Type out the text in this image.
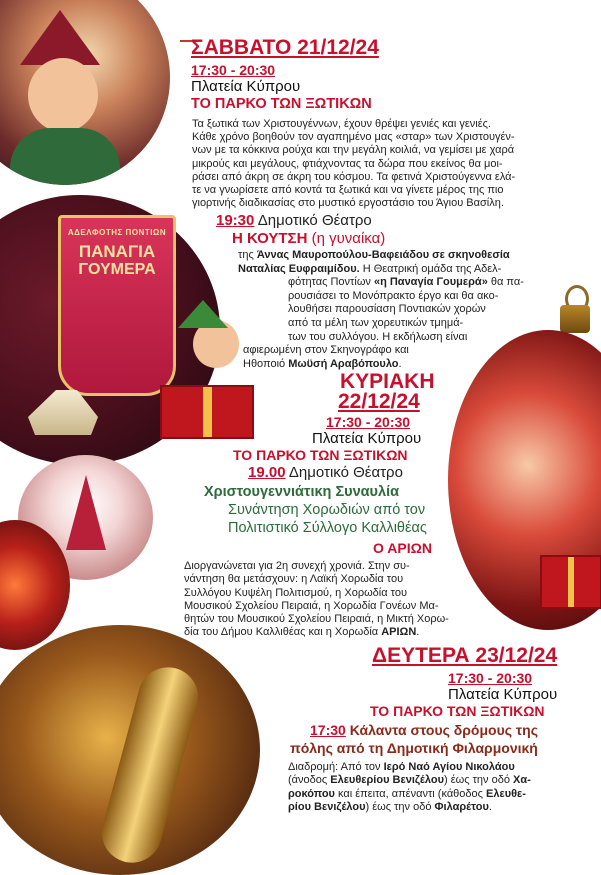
ΑΔΕΛΦΟΤΗΣ ΠΟΝΤΙΩΝ
ΠΑΝΑΓΙΑ
ΓΟΥΜΕΡΑ
ΣΑΒΒΑΤΟ 21/12/24
17:30 - 20:30
Πλατεία Κύπρου
ΤΟ ΠΑΡΚΟ ΤΩΝ ΞΩΤΙΚΩΝ
Τα ξωτικά των Χριστουγέννων, έχουν θρέψει γενιές και γενιές.
Κάθε χρόνο βοηθούν τον αγαπημένο μας «σταρ» των Χριστουγέν-
νων με τα κόκκινα ρούχα και την μεγάλη κοιλιά, να γεμίσει με χαρά
μικρούς και μεγάλους, φτιάχνοντας τα δώρα που εκείνος θα μοι-
ράσει από άκρη σε άκρη του κόσμου. Τα φετινά Χριστούγεννα ελά-
τε να γνωρίσετε από κοντά τα ξωτικά και να γίνετε μέρος της πιο
γιορτινής διαδικασίας στο μυστικό εργοστάσιο του Άγιου Βασίλη.
19:30 Δημοτικό Θέατρο
Η ΚΟΥΤΣΗ (η γυναίκα)
της Άννας Μαυροπούλου-Βαφειάδου σε σκηνοθεσία
Ναταλίας Ευφραιμίδου. Η Θεατρική ομάδα της Αδελ-
φότητας Ποντίων «η Παναγία Γουμερά» θα πα-
ρουσιάσει το Μονόπρακτο έργο και θα ακο-
λουθήσει παρουσίαση Ποντιακών χορών
από τα μέλη των χορευτικών τμημά-
των του συλλόγου. Η εκδήλωση είναι
αφιερωμένη στον Σκηνογράφο και
Ηθοποιό Μωϋσή Αραβόπουλο.
ΚΥΡΙΑΚΗ
22/12/24
17:30 - 20:30
Πλατεία Κύπρου
ΤΟ ΠΑΡΚΟ ΤΩΝ ΞΩΤΙΚΩΝ
19.00 Δημοτικό Θέατρο
Χριστουγεννιάτικη Συναυλία
Συνάντηση Χορωδιών από τον
Πολιτιστικό Σύλλογο Καλλιθέας
Ο ΑΡΙΩΝ
Διοργανώνεται για 2η συνεχή χρονιά. Στην συ-
νάντηση θα μετάσχουν: η Λαϊκή Χορωδία του
Συλλόγου Κυψέλη Πολιτισμού, η Χορωδία του
Μουσικού Σχολείου Πειραιά, η Χορωδία Γονέων Μα-
θητών του Μουσικού Σχολείου Πειραιά, η Μικτή Χορω-
δία του Δήμου Καλλιθέας και η Χορωδία ΑΡΙΩΝ.
ΔΕΥΤΕΡΑ 23/12/24
17:30 - 20:30
Πλατεία Κύπρου
ΤΟ ΠΑΡΚΟ ΤΩΝ ΞΩΤΙΚΩΝ
17:30 Κάλαντα στους δρόμους της
πόλης από τη Δημοτική Φιλαρμονική
Διαδρομή: Από τον Ιερό Ναό Αγίου Νικολάου
(άνοδος Ελευθερίου Βενιζέλου) έως την οδό Χα-
ροκόπου και έπειτα, απέναντι (κάθοδος Ελευθε-
ρίου Βενιζέλου) έως την οδό Φιλαρέτου.
